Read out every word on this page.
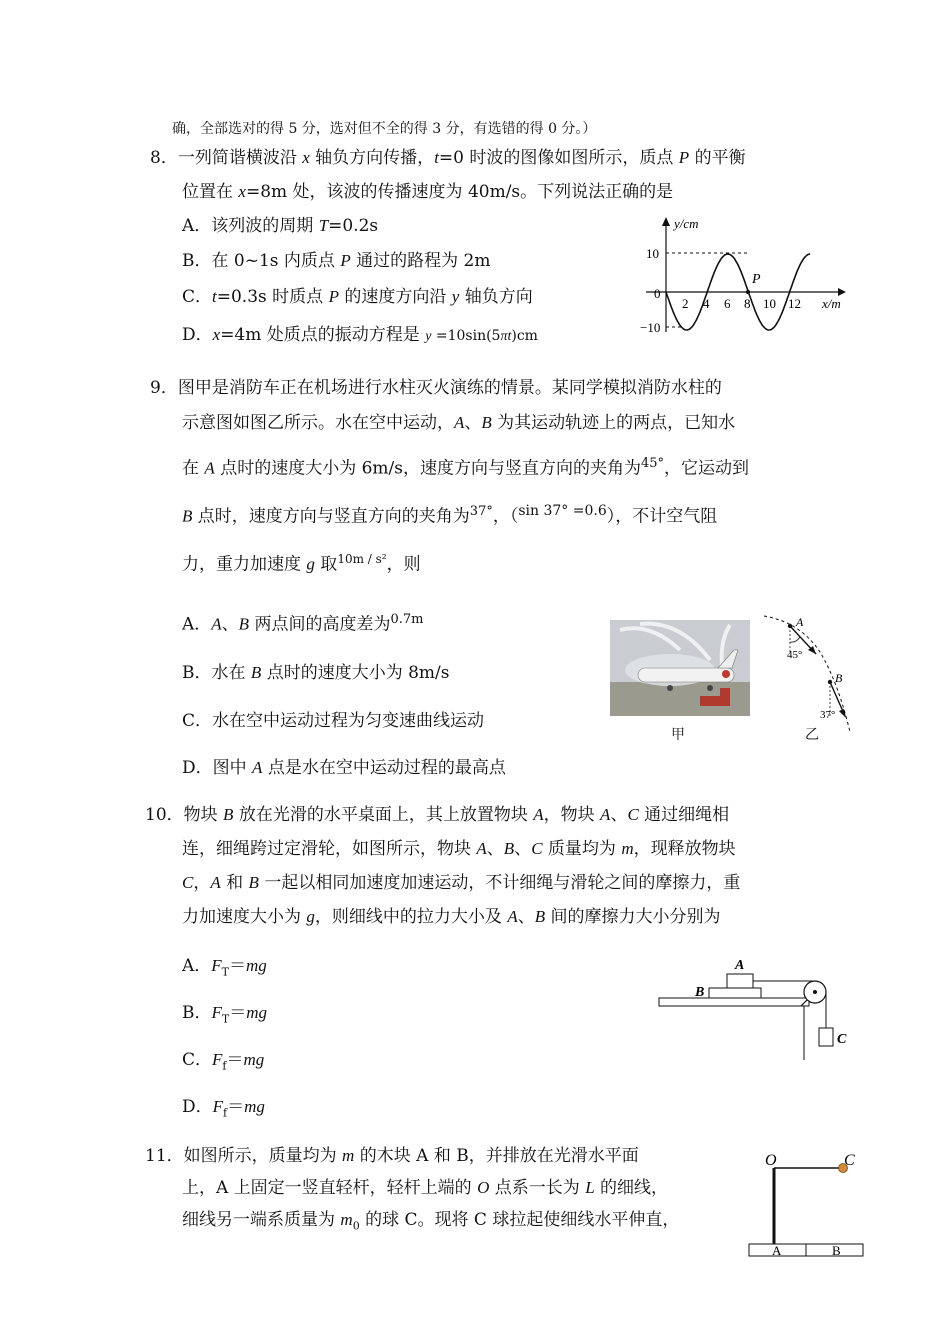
确，全部选对的得 5 分，选对但不全的得 3 分，有选错的得 0 分。）
8．一列简谐横波沿 x 轴负方向传播，t=0 时波的图像如图所示，质点 P 的平衡
位置在 x=8m 处，该波的传播速度为 40m/s。下列说法正确的是
A．该列波的周期 T=0.2s
B．在 0~1s 内质点 P 通过的路程为 2m
C．t=0.3s 时质点 P 的速度方向沿 y 轴负方向
D．x=4m 处质点的振动方程是 y =10sin(5πt)cm
y/cm
10
−10
0
2 4 6 8 10 12 x/m
P
9．图甲是消防车正在机场进行水柱灭火演练的情景。某同学模拟消防水柱的
示意图如图乙所示。水在空中运动，A、B 为其运动轨迹上的两点，已知水
在 A 点时的速度大小为 6m/s，速度方向与竖直方向的夹角为$^{45^\circ}$，它运动到
B 点时，速度方向与竖直方向的夹角为$^{37^\circ}$，（$^{sin 37^\circ =0.6}$），不计空气阻
力，重力加速度 g 取$^{10m / s^2}$，则
A．A、B 两点间的高度差为$^{0.7m}$
B．水在 B 点时的速度大小为 8m/s
C．水在空中运动过程为匀变速曲线运动
D．图中 A 点是水在空中运动过程的最高点
甲
A
45°
B
37°
乙
10．物块 B 放在光滑的水平桌面上，其上放置物块 A，物块 A、C 通过细绳相
连，细绳跨过定滑轮，如图所示，物块 A、B、C 质量均为 m，现释放物块
C，A 和 B 一起以相同加速度加速运动，不计细绳与滑轮之间的摩擦力，重
力加速度大小为 g，则细线中的拉力大小及 A、B 间的摩擦力大小分别为
A．$F_T=mg$
B．$F_T=mg$
C．$F_f=mg$
D．$F_f=mg$
A
B
C
11．如图所示，质量均为 m 的木块 A 和 B，并排放在光滑水平面
上，A 上固定一竖直轻杆，轻杆上端的 O 点系一长为 L 的细线，
细线另一端系质量为 $m_0$ 的球 C。现将 C 球拉起使细线水平伸直，
O	C
A	B
